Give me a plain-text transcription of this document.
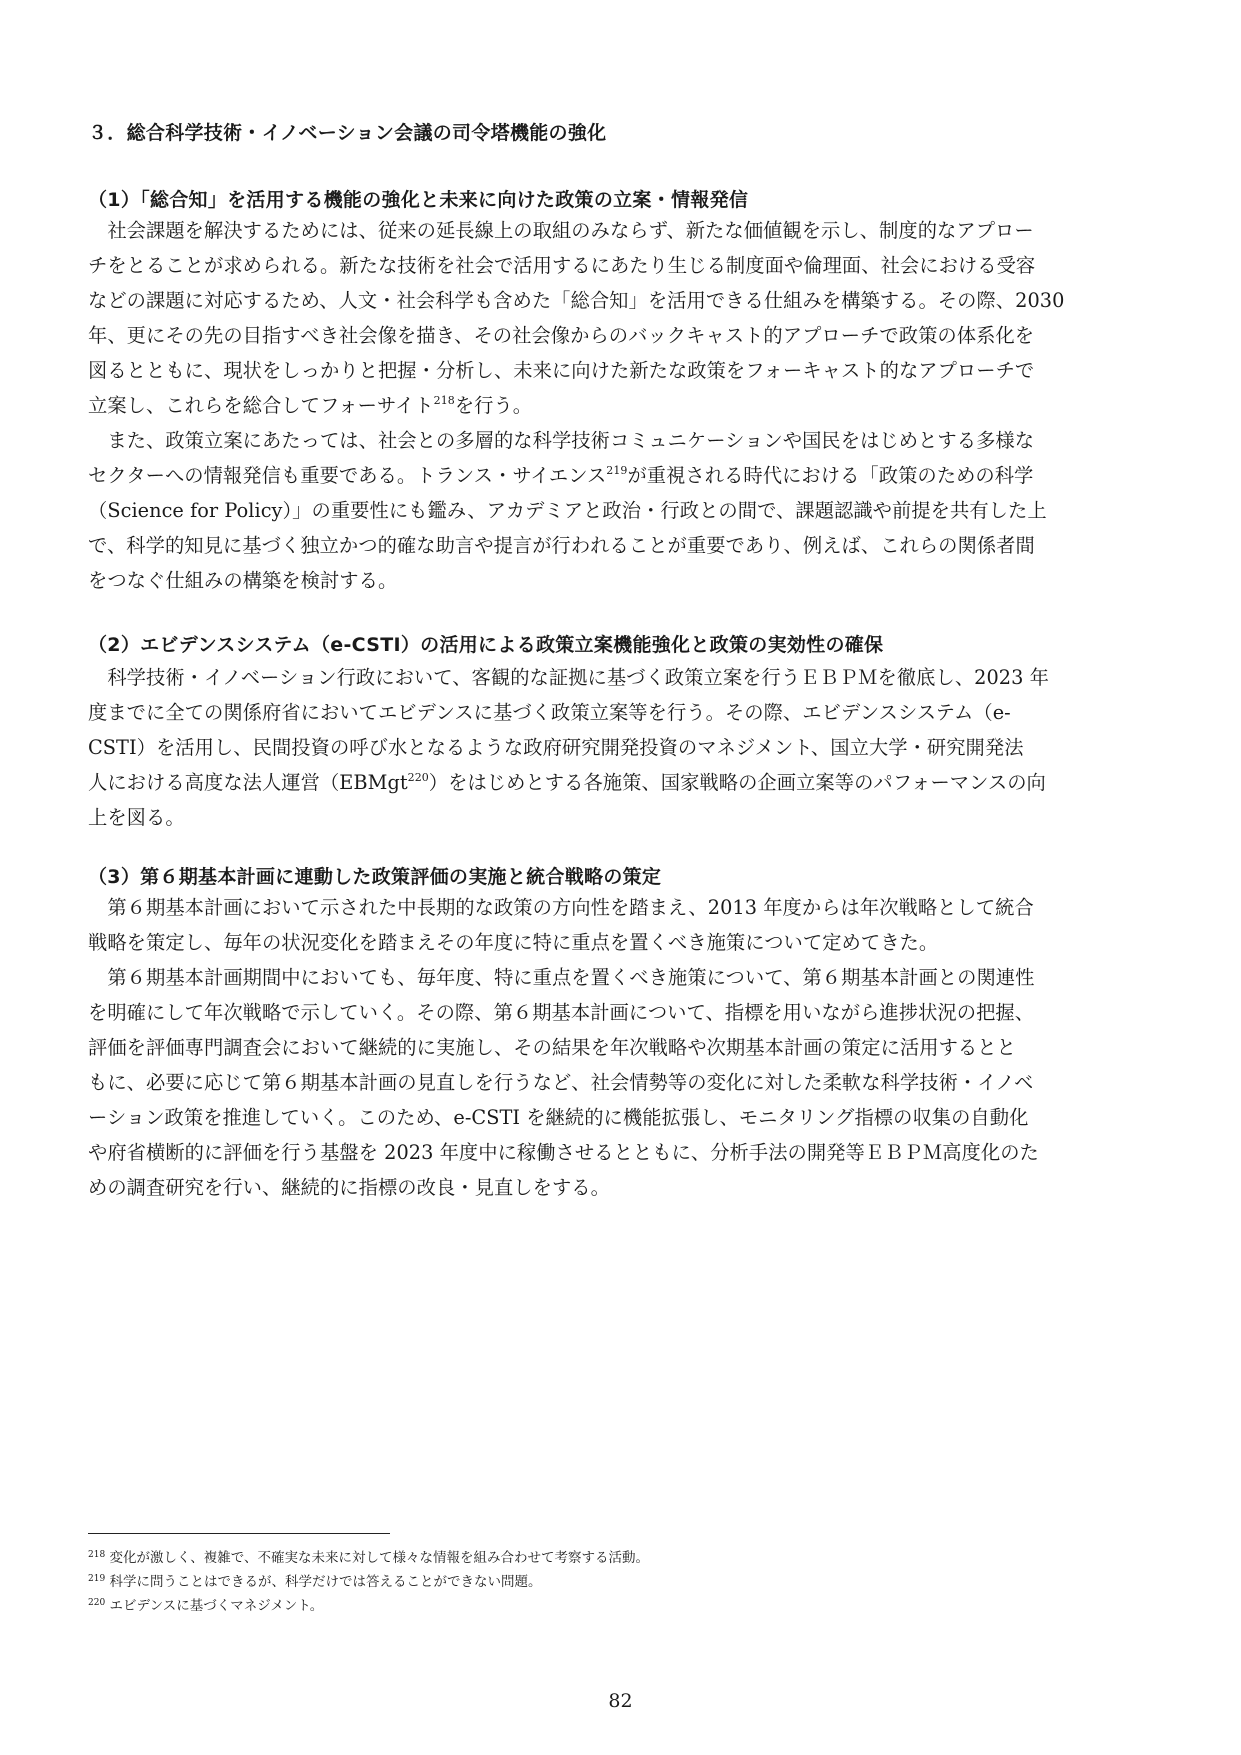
３．総合科学技術・イノベーション会議の司令塔機能の強化
（1）「総合知」を活用する機能の強化と未来に向けた政策の立案・情報発信
　社会課題を解決するためには、従来の延長線上の取組のみならず、新たな価値観を示し、制度的なアプロー
チをとることが求められる。新たな技術を社会で活用するにあたり生じる制度面や倫理面、社会における受容
などの課題に対応するため、人文・社会科学も含めた「総合知」を活用できる仕組みを構築する。その際、2030
年、更にその先の目指すべき社会像を描き、その社会像からのバックキャスト的アプローチで政策の体系化を
図るとともに、現状をしっかりと把握・分析し、未来に向けた新たな政策をフォーキャスト的なアプローチで
立案し、これらを総合してフォーサイト$^{218}$を行う。
　また、政策立案にあたっては、社会との多層的な科学技術コミュニケーションや国民をはじめとする多様な
セクターへの情報発信も重要である。トランス・サイエンス$^{219}$が重視される時代における「政策のための科学
（Science for Policy）」の重要性にも鑑み、アカデミアと政治・行政との間で、課題認識や前提を共有した上
で、科学的知見に基づく独立かつ的確な助言や提言が行われることが重要であり、例えば、これらの関係者間
をつなぐ仕組みの構築を検討する。
（2）エビデンスシステム（e-CSTI）の活用による政策立案機能強化と政策の実効性の確保
　科学技術・イノベーション行政において、客観的な証拠に基づく政策立案を行うＥＢＰＭを徹底し、2023 年
度までに全ての関係府省においてエビデンスに基づく政策立案等を行う。その際、エビデンスシステム（e-
CSTI）を活用し、民間投資の呼び水となるような政府研究開発投資のマネジメント、国立大学・研究開発法
人における高度な法人運営（EBMgt$^{220}$）をはじめとする各施策、国家戦略の企画立案等のパフォーマンスの向
上を図る。
（3）第６期基本計画に連動した政策評価の実施と統合戦略の策定
　第６期基本計画において示された中長期的な政策の方向性を踏まえ、2013 年度からは年次戦略として統合
戦略を策定し、毎年の状況変化を踏まえその年度に特に重点を置くべき施策について定めてきた。
　第６期基本計画期間中においても、毎年度、特に重点を置くべき施策について、第６期基本計画との関連性
を明確にして年次戦略で示していく。その際、第６期基本計画について、指標を用いながら進捗状況の把握、
評価を評価専門調査会において継続的に実施し、その結果を年次戦略や次期基本計画の策定に活用するとと
もに、必要に応じて第６期基本計画の見直しを行うなど、社会情勢等の変化に対した柔軟な科学技術・イノベ
ーション政策を推進していく。このため、e-CSTI を継続的に機能拡張し、モニタリング指標の収集の自動化
や府省横断的に評価を行う基盤を 2023 年度中に稼働させるとともに、分析手法の開発等ＥＢＰＭ高度化のた
めの調査研究を行い、継続的に指標の改良・見直しをする。
$^{218}$ 変化が激しく、複雑で、不確実な未来に対して様々な情報を組み合わせて考察する活動。
$^{219}$ 科学に問うことはできるが、科学だけでは答えることができない問題。
$^{220}$ エビデンスに基づくマネジメント。
82
